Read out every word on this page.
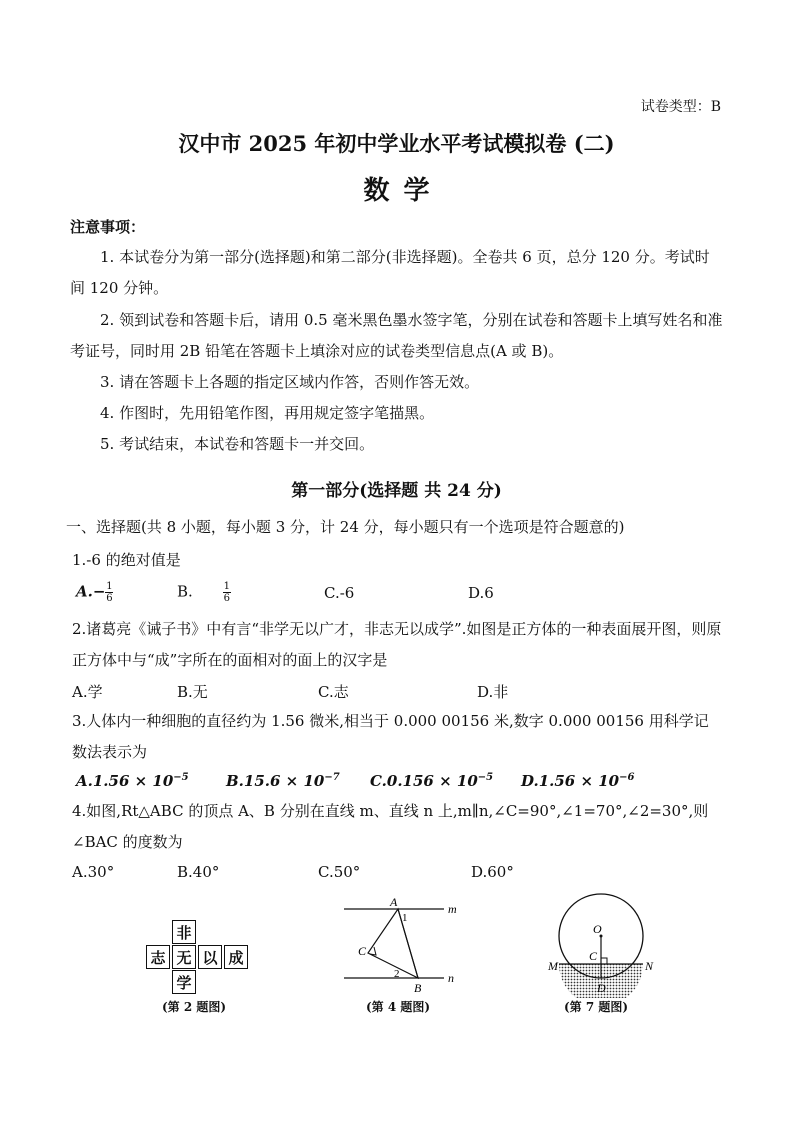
试卷类型：B
汉中市 2025 年初中学业水平考试模拟卷 (二)
数学
注意事项：
1. 本试卷分为第一部分(选择题)和第二部分(非选择题)。全卷共 6 页，总分 120 分。考试时间 120 分钟。
2. 领到试卷和答题卡后，请用 0.5 毫米黑色墨水签字笔，分别在试卷和答题卡上填写姓名和准考证号，同时用 2B 铅笔在答题卡上填涂对应的试卷类型信息点(A 或 B)。
3. 请在答题卡上各题的指定区域内作答，否则作答无效。
4. 作图时，先用铅笔作图，再用规定签字笔描黑。
5. 考试结束，本试卷和答题卡一并交回。
第一部分(选择题 共 24 分)
一、选择题(共 8 小题，每小题 3 分，计 24 分，每小题只有一个选项是符合题意的)
1.-6 的绝对值是
$A.- \frac{1}{6}$	B.	$\frac{1}{6}$	C.-6	D.6
2.诸葛亮《诫子书》中有言“非学无以广才，非志无以成学”.如图是正方体的一种表面展开图，则原正方体中与“成”字所在的面相对的面上的汉字是
A.学	B.无	C.志	D.非
3.人体内一种细胞的直径约为 1.56 微米,相当于 0.000 00156 米,数字 0.000 00156 用科学记数法表示为
$A.1.56 \times 10^{-5}$ $B.15.6 \times 10^{-7}$ $C.0.156 \times 10^{-5}$ $D.1.56 \times 10^{-6}$
4.如图,Rt△ABC 的顶点 A、B 分别在直线 m、直线 n 上,m∥n,∠C=90°,∠1=70°,∠2=30°,则∠BAC 的度数为
A.30°	B.40°	C.50°	D.60°
非
志 无 以 成
学
(第 2 题图)
A	m
1
C
2	n
B
(第 4 题图)
O
C
M	N
D
(第 7 题图)
